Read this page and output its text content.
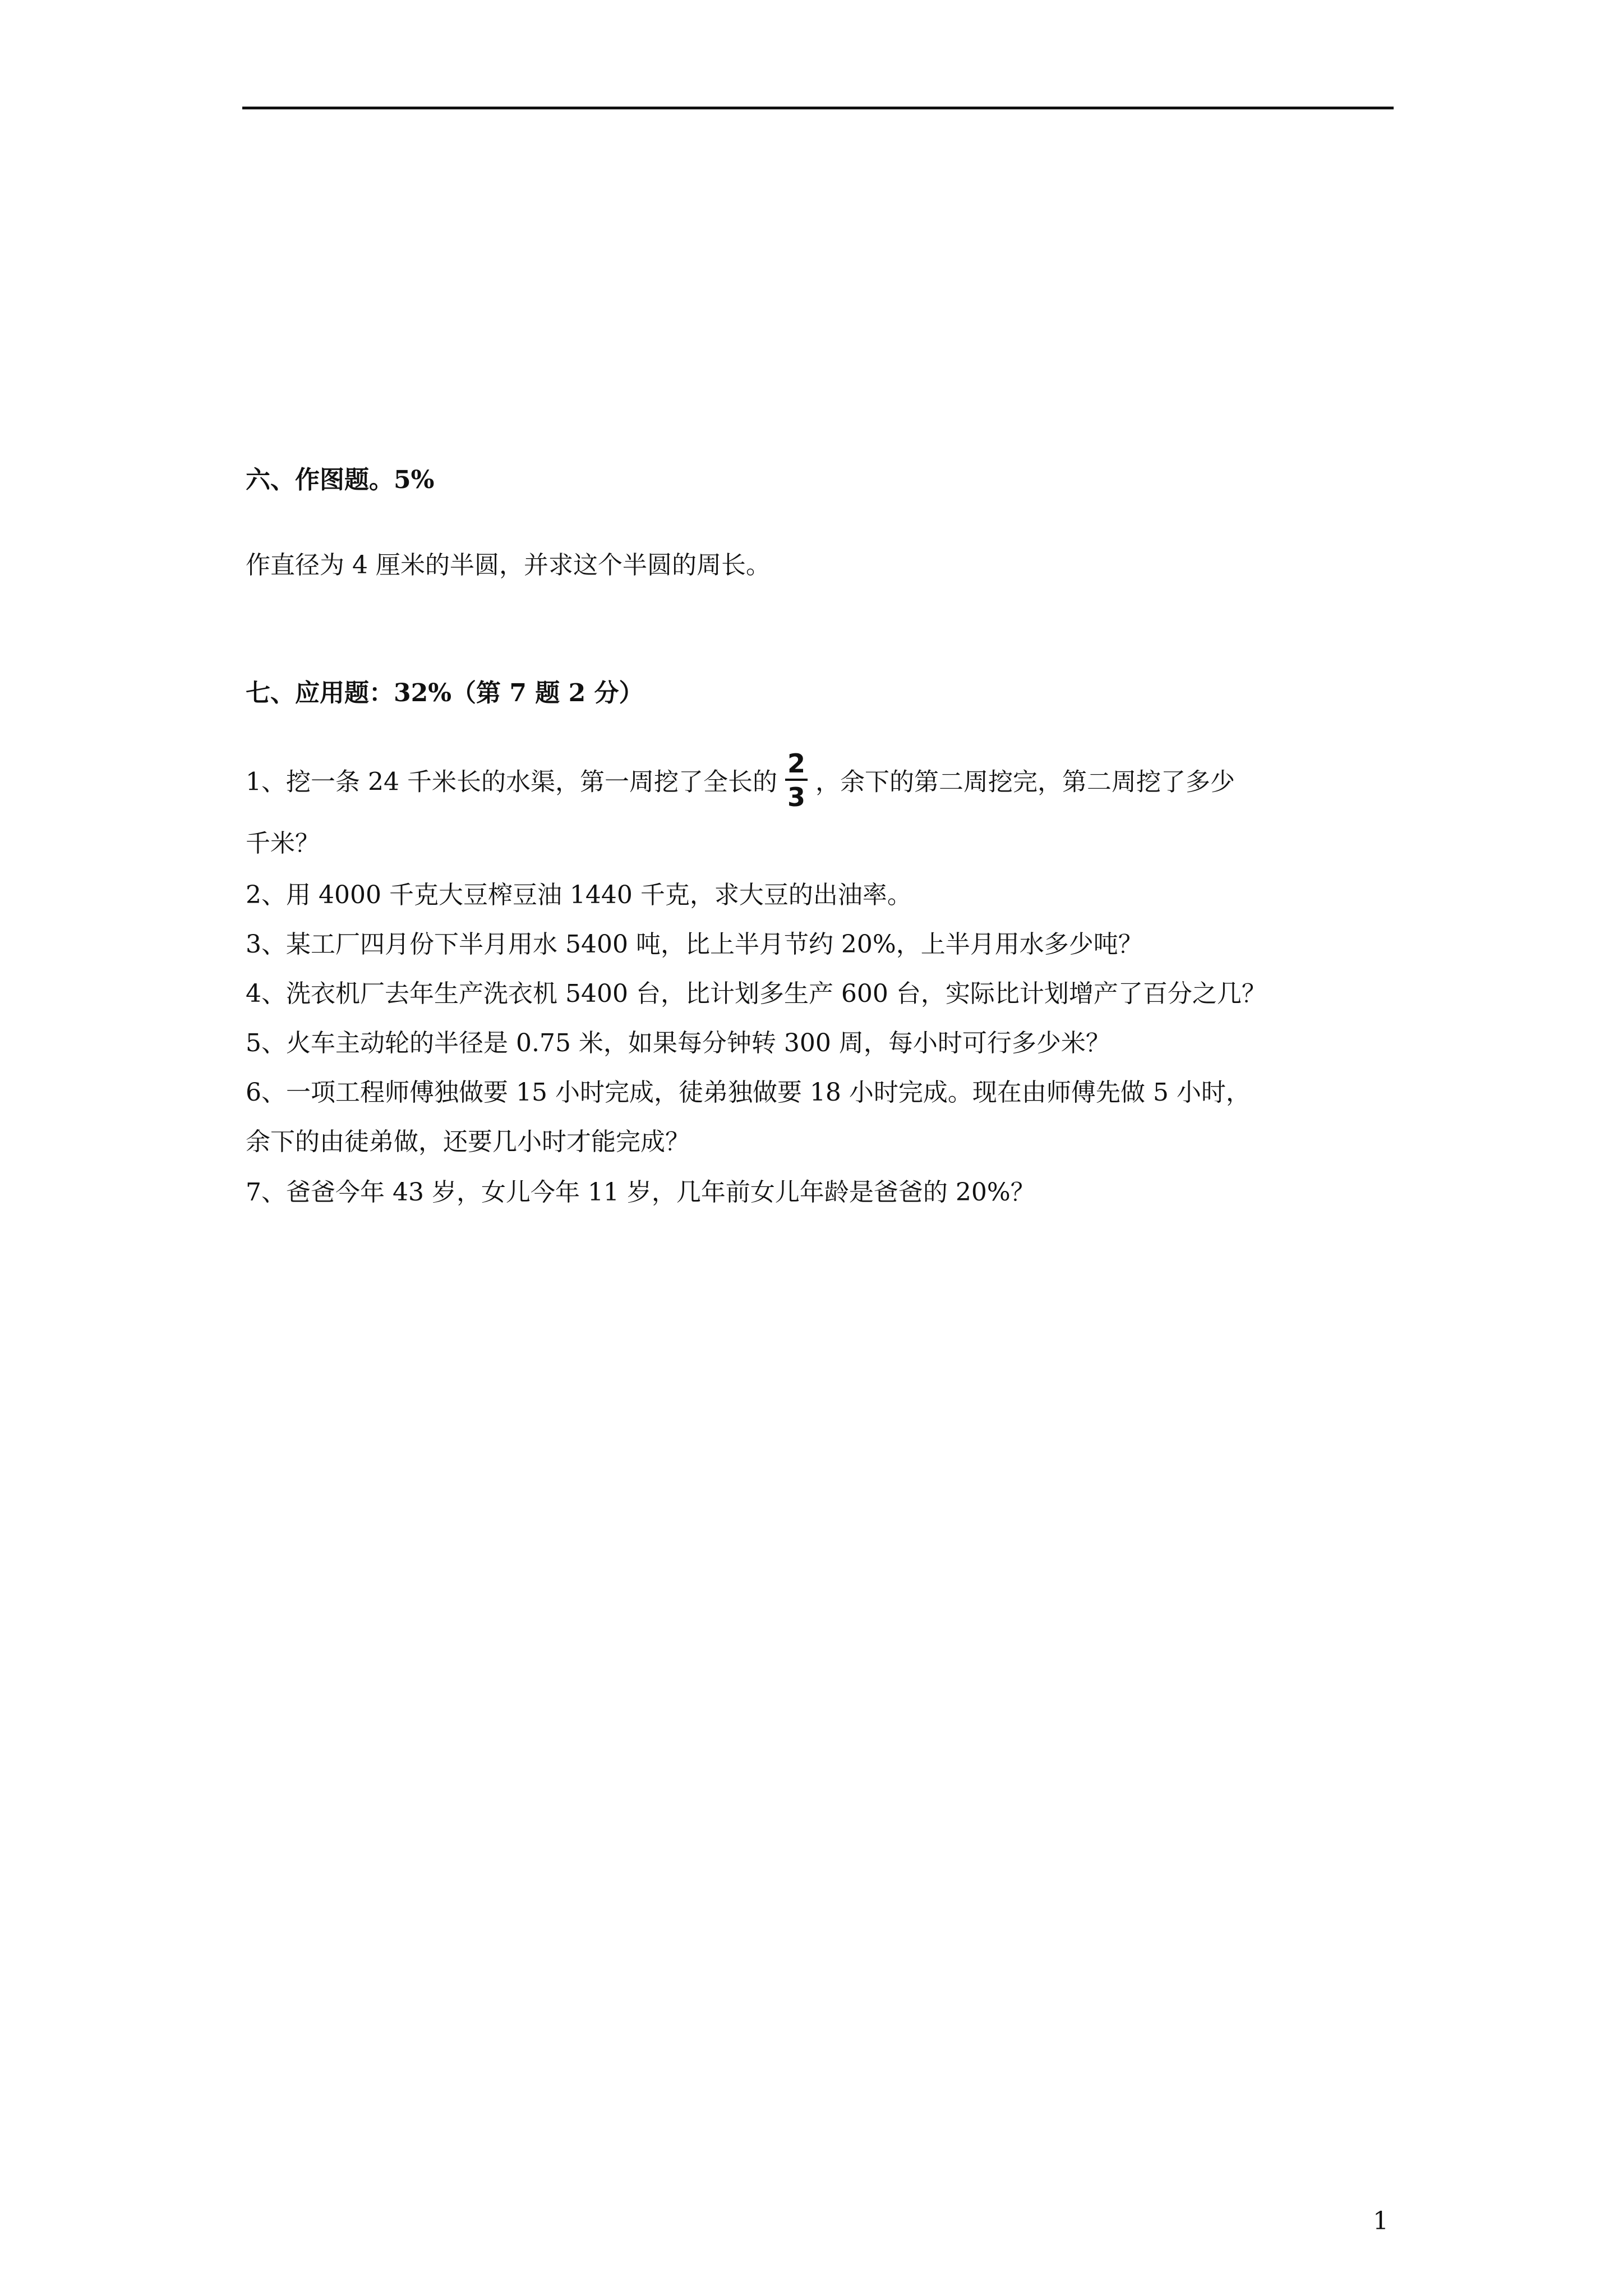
六、作图题。5%
作直径为 4 厘米的半圆，并求这个半圆的周长。
七、应用题：32%（第 7 题 2 分）
1、挖一条 24 千米长的水渠，第一周挖了全长的 $\frac{2}{3}$ ，余下的第二周挖完，第二周挖了多少
千米？
2、用 4000 千克大豆榨豆油 1440 千克，求大豆的出油率。
3、某工厂四月份下半月用水 5400 吨，比上半月节约 20%，上半月用水多少吨？
4、洗衣机厂去年生产洗衣机 5400 台，比计划多生产 600 台，实际比计划增产了百分之几？
5、火车主动轮的半径是 0.75 米，如果每分钟转 300 周，每小时可行多少米？
6、一项工程师傅独做要 15 小时完成，徒弟独做要 18 小时完成。现在由师傅先做 5 小时，
余下的由徒弟做，还要几小时才能完成？
7、爸爸今年 43 岁，女儿今年 11 岁，几年前女儿年龄是爸爸的 20%？
1
